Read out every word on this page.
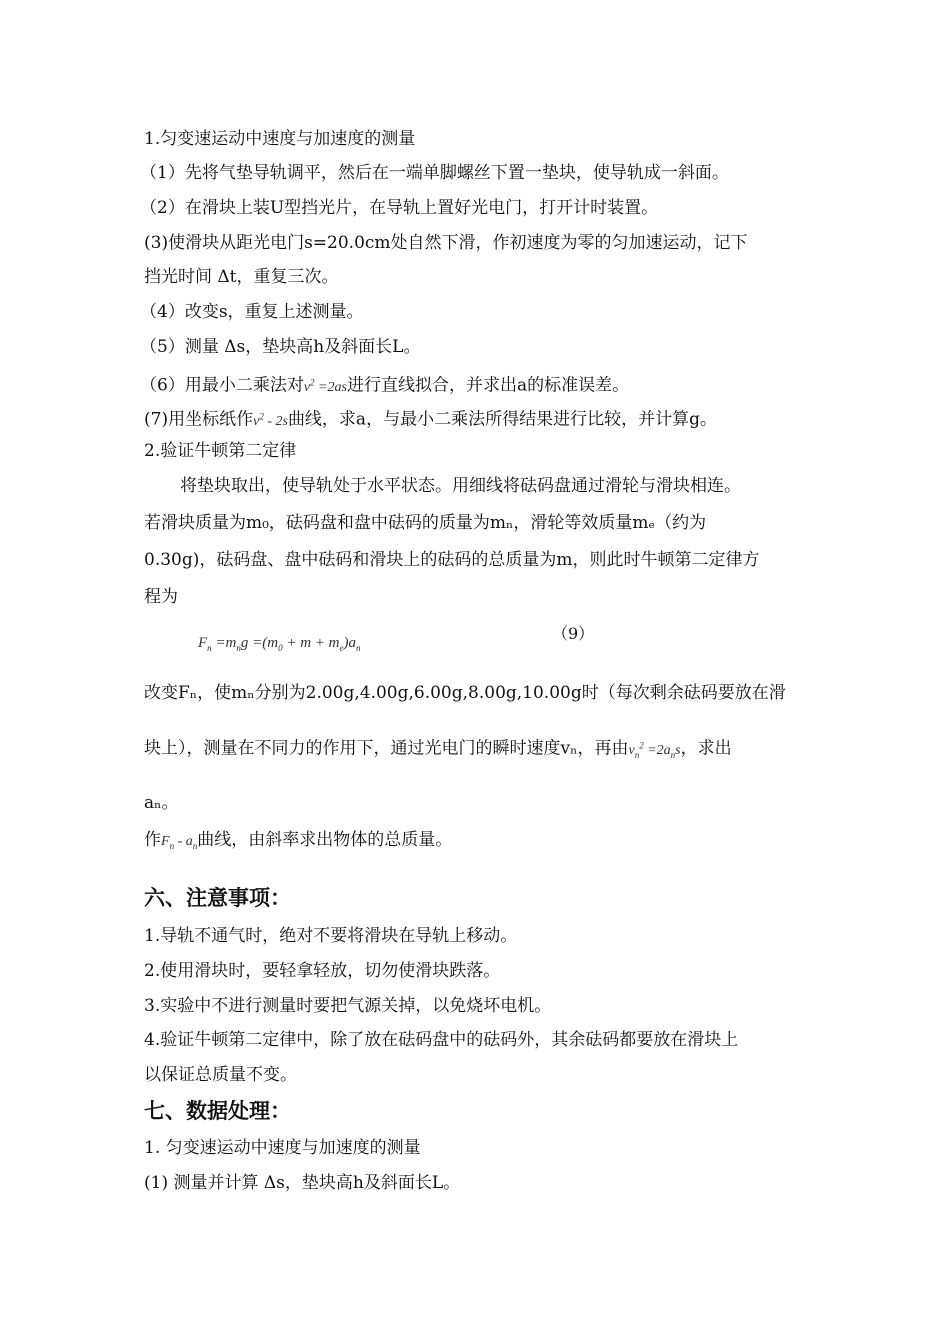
1.匀变速运动中速度与加速度的测量
（1）先将气垫导轨调平，然后在一端单脚螺丝下置一垫块，使导轨成一斜面。
（2）在滑块上装U型挡光片，在导轨上置好光电门，打开计时装置。
(3)使滑块从距光电门s=20.0cm处自然下滑，作初速度为零的匀加速运动，记下
挡光时间 Δt，重复三次。
（4）改变s，重复上述测量。
（5）测量 Δs，垫块高h及斜面长L。
（6）用最小二乘法对$v^2 =2as$进行直线拟合，并求出a的标准误差。
(7)用坐标纸作$v^2 - 2s$曲线，求a，与最小二乘法所得结果进行比较，并计算g。
2.验证牛顿第二定律
将垫块取出，使导轨处于水平状态。用细线将砝码盘通过滑轮与滑块相连。
若滑块质量为m₀，砝码盘和盘中砝码的质量为mₙ，滑轮等效质量mₑ（约为
0.30g)，砝码盘、盘中砝码和滑块上的砝码的总质量为m，则此时牛顿第二定律方
程为
$F_n =m_ng =(m_0 + m + m_e)a_n$
（9）
改变Fₙ，使mₙ分别为2.00g,4.00g,6.00g,8.00g,10.00g时（每次剩余砝码要放在滑
块上），测量在不同力的作用下，通过光电门的瞬时速度vₙ，再由$v_n^2 =2a_ns$，求出
aₙ。
作$F_n - a_n$曲线，由斜率求出物体的总质量。
六、注意事项：
1.导轨不通气时，绝对不要将滑块在导轨上移动。
2.使用滑块时，要轻拿轻放，切勿使滑块跌落。
3.实验中不进行测量时要把气源关掉，以免烧坏电机。
4.验证牛顿第二定律中，除了放在砝码盘中的砝码外，其余砝码都要放在滑块上
以保证总质量不变。
七、数据处理：
1. 匀变速运动中速度与加速度的测量
(1) 测量并计算 Δs，垫块高h及斜面长L。
